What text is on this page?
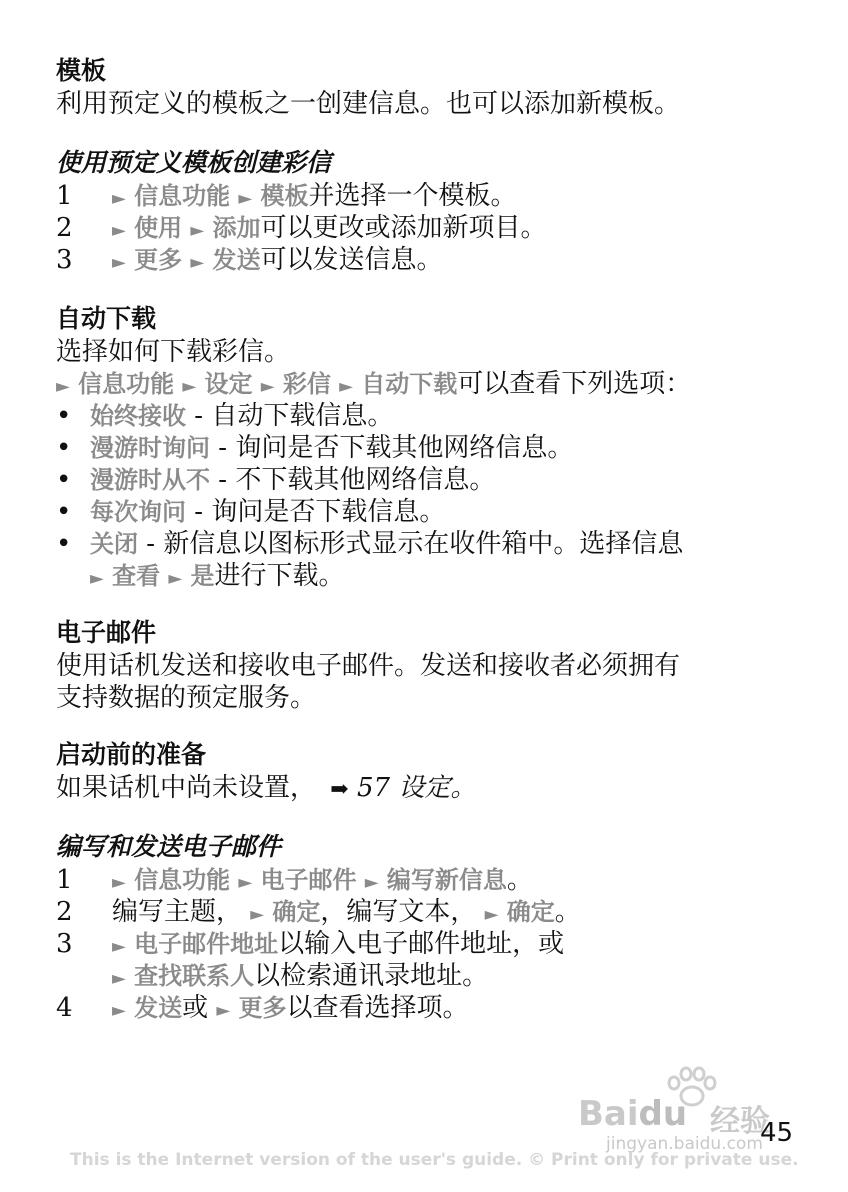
模板
利用预定义的模板之一创建信息。也可以添加新模板。
使用预定义模板创建彩信
1	► 信息功能 ► 模板并选择一个模板。
2	► 使用 ► 添加可以更改或添加新项目。
3	► 更多 ► 发送可以发送信息。
自动下载
选择如何下载彩信。
► 信息功能 ► 设定 ► 彩信 ► 自动下载可以查看下列选项：
• 始终接收 - 自动下载信息。
• 漫游时询问 - 询问是否下载其他网络信息。
• 漫游时从不 - 不下载其他网络信息。
• 每次询问 - 询问是否下载信息。
• 关闭 - 新信息以图标形式显示在收件箱中。选择信息
► 查看 ► 是进行下载。
电子邮件
使用话机发送和接收电子邮件。发送和接收者必须拥有
支持数据的预定服务。
启动前的准备
如果话机中尚未设置， ➡ 57 设定。
编写和发送电子邮件
1	► 信息功能 ► 电子邮件 ► 编写新信息。
2 编写主题， ► 确定，编写文本， ► 确定。
3	► 电子邮件地址以输入电子邮件地址，或
► 查找联系人以检索通讯录地址。
4	► 发送或 ► 更多以查看选择项。
Baidu 经验
jingyan.baidu.com
45
This is the Internet version of the user's guide. © Print only for private use.
